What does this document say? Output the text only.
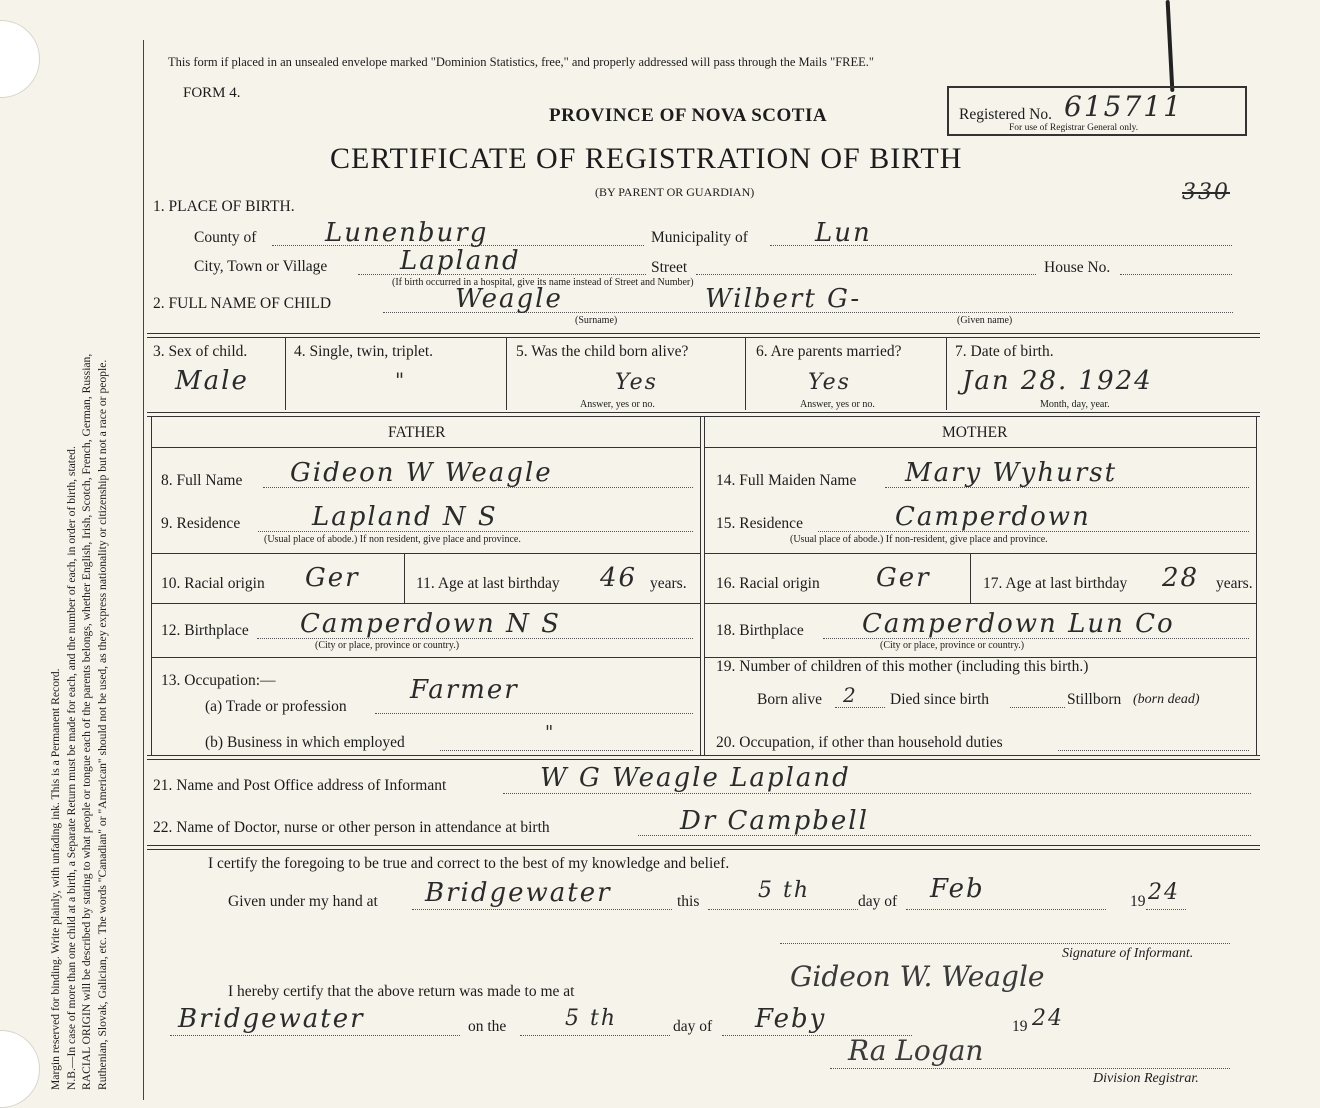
Margin reserved for binding. Write plainly, with unfading ink. This is a Permanent Record. N.B.—In case of more than one child at a birth, a Separate Return must be made for each, and the number of each, in order of birth, stated. RACIAL ORIGIN will be described by stating to what people or tongue each of the parents belongs, whether English, Irish, Scotch, French, German, Russian, Ruthenian, Slovak, Galician, etc. The words "Canadian" or "American" should not be used, as they express nationality or citizenship but not a race or people.

This form if placed in an unsealed envelope marked "Dominion Statistics, free," and properly addressed will pass through the Mails "FREE."
FORM 4.
PROVINCE OF NOVA SCOTIA
CERTIFICATE OF REGISTRATION OF BIRTH
(BY PARENT OR GUARDIAN)
Registered No. 615711
For use of Registrar General only.
330
1. PLACE OF BIRTH.
County of	Lunenburg	Municipality of	Lun
City, Town or Village	Lapland	Street	House No.
(If birth occurred in a hospital, give its name instead of Street and Number)
2. FULL NAME OF CHILD	Weagle	Wilbert G-
(Surname)	(Given name)
3. Sex of child.
Male
4. Single, twin, triplet.
"
5. Was the child born alive?
Yes
Answer, yes or no.
6. Are parents married?
Yes
Answer, yes or no.
7. Date of birth.
Jan 28. 1924
Month, day, year.
FATHER	MOTHER
8. Full Name Gideon W Weagle
9. Residence	Lapland N S
(Usual place of abode.) If non resident, give place and province.
10. Racial origin Ger	11. Age at last birthday 46 years.
12. Birthplace Camperdown N S
(City or place, province or country.)
13. Occupation:—
(a) Trade or profession
Farmer
(b) Business in which employed	"
14. Full Maiden Name Mary Wyhurst
15. Residence	Camperdown
(Usual place of abode.) If non-resident, give place and province.
16. Racial origin Ger	17. Age at last birthday 28 years.
18. Birthplace Camperdown Lun Co
(City or place, province or country.)
19. Number of children of this mother (including this birth.)
Born alive 2 Died since birth	Stillborn (born dead)
20. Occupation, if other than household duties
21. Name and Post Office address of Informant	W G Weagle Lapland
22. Name of Doctor, nurse or other person in attendance at birth	Dr Campbell
I certify the foregoing to be true and correct to the best of my knowledge and belief.
Given under my hand at Bridgewater	this	5 th	day of Feb	19 24
Signature of Informant.
Gideon W. Weagle
I hereby certify that the above return was made to me at
Bridgewater	on the	5 th	day of Feby	19 24
Ra Logan
Division Registrar.
